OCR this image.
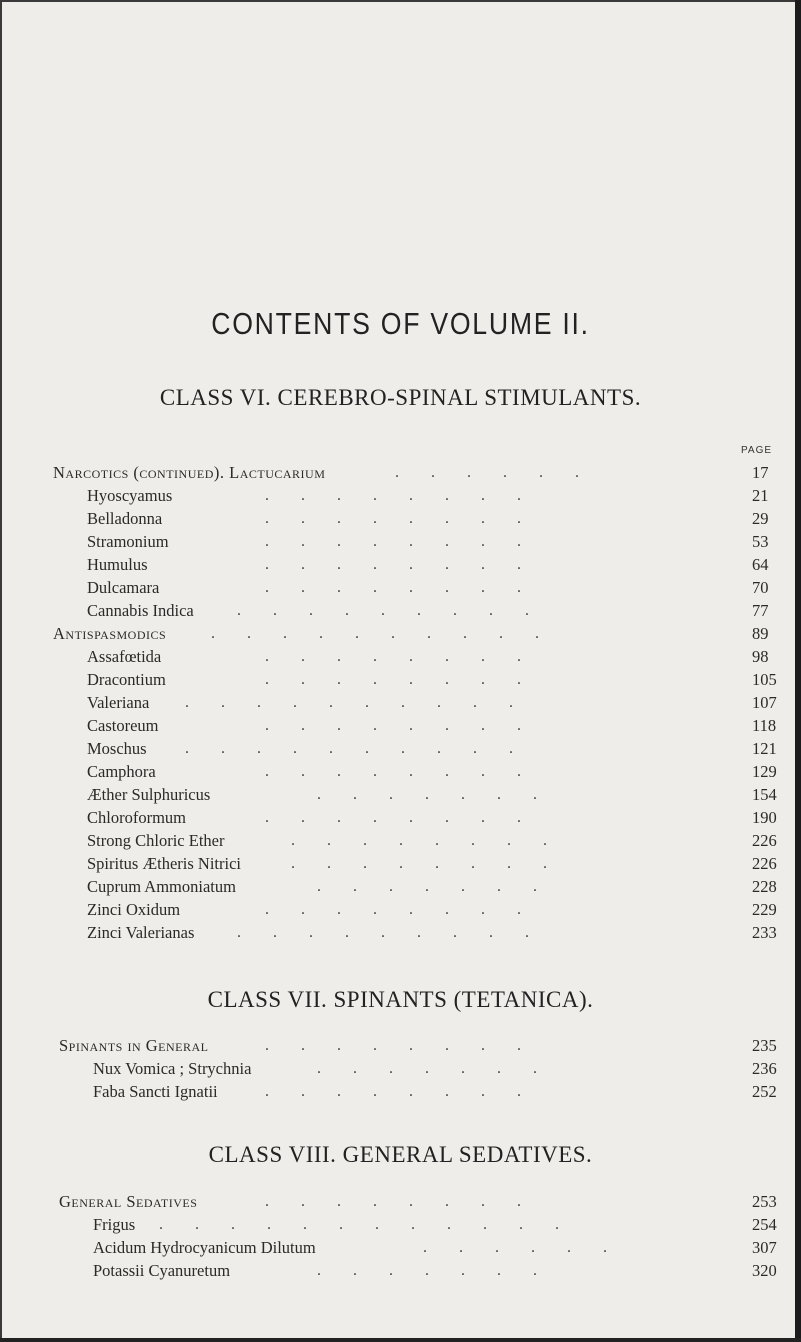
CONTENTS OF VOLUME II.
CLASS VI. CEREBRO-SPINAL STIMULANTS.
PAGE
Narcotics (continued). Lactucarium	.        .        .        .        .        .	17
Hyoscyamus	.        .        .        .        .        .        .        .	21
Belladonna	.        .        .        .        .        .        .        .	29
Stramonium	.        .        .        .        .        .        .        .	53
Humulus	.        .        .        .        .        .        .        .	64
Dulcamara	.        .        .        .        .        .        .        .	70
Cannabis Indica	.        .        .        .        .        .        .        .        .	77
Antispasmodics	.        .        .        .        .        .        .        .        .        .	89
Assafœtida	.        .        .        .        .        .        .        .	98
Dracontium	.        .        .        .        .        .        .        .	105
Valeriana .        .        .        .        .        .        .        .        .        .	107
Castoreum	.        .        .        .        .        .        .        .	118
Moschus .        .        .        .        .        .        .        .        .        .	121
Camphora	.        .        .        .        .        .        .        .	129
Æther Sulphuricus	.        .        .        .        .        .        .	154
Chloroformum	.        .        .        .        .        .        .        .	190
Strong Chloric Ether	.        .        .        .        .        .        .        .	226
Spiritus Ætheris Nitrici	.        .        .        .        .        .        .        .	226
Cuprum Ammoniatum	.        .        .        .        .        .        .	228
Zinci Oxidum	.        .        .        .        .        .        .        .	229
Zinci Valerianas	.        .        .        .        .        .        .        .        .	233
CLASS VII. SPINANTS (TETANICA).
Spinants in General	.        .        .        .        .        .        .        .	235
Nux Vomica ; Strychnia	.        .        .        .        .        .        .	236
Faba Sancti Ignatii	.        .        .        .        .        .        .        .	252
CLASS VIII. GENERAL SEDATIVES.
General Sedatives	.        .        .        .        .        .        .        .	253
Frigus .        .        .        .        .        .        .        .        .        .        .        .	254
Acidum Hydrocyanicum Dilutum	.        .        .        .        .        .	307
Potassii Cyanuretum	.        .        .        .        .        .        .	320
